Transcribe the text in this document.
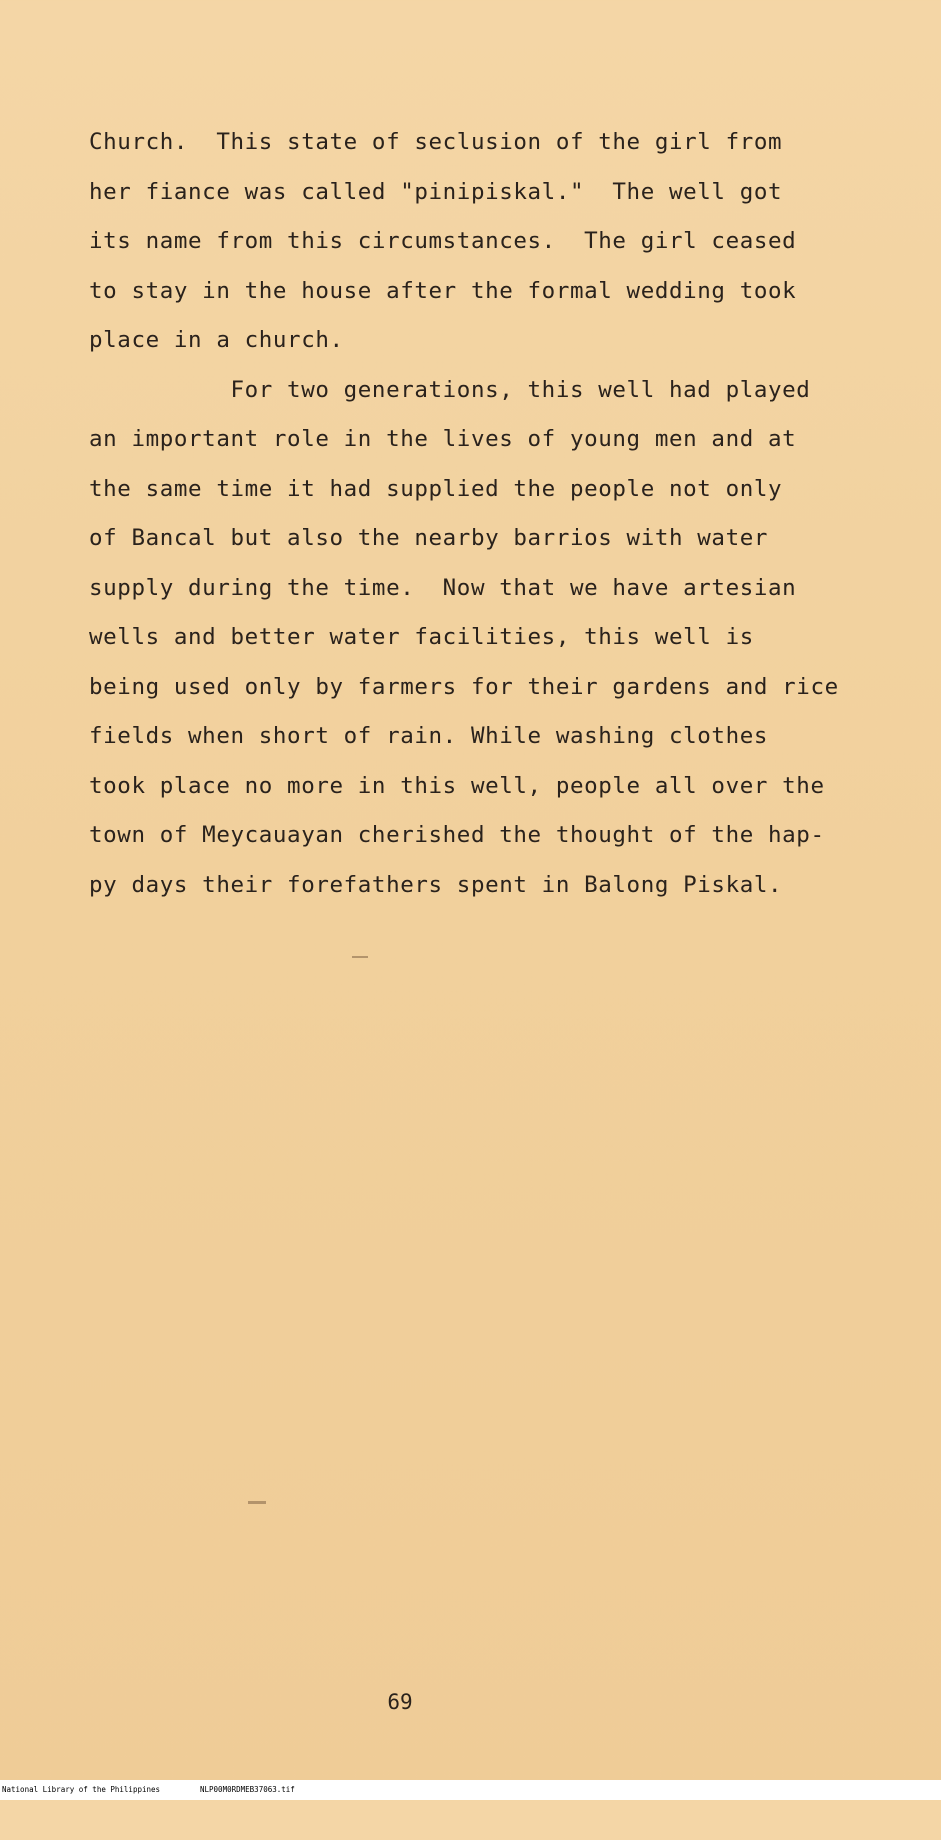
Church.  This state of seclusion of the girl from
her fiance was called "pinipiskal."  The well got
its name from this circumstances.  The girl ceased
to stay in the house after the formal wedding took
place in a church.
For two generations, this well had played
an important role in the lives of young men and at
the same time it had supplied the people not only
of Bancal but also the nearby barrios with water
supply during the time.  Now that we have artesian
wells and better water facilities, this well is
being used only by farmers for their gardens and rice
fields when short of rain. While washing clothes
took place no more in this well, people all over the
town of Meycauayan cherished the thought of the hap-
py days their forefathers spent in Balong Piskal.
69

National Library of the Philippines

	NLP00M0RDMEB37063.tif
